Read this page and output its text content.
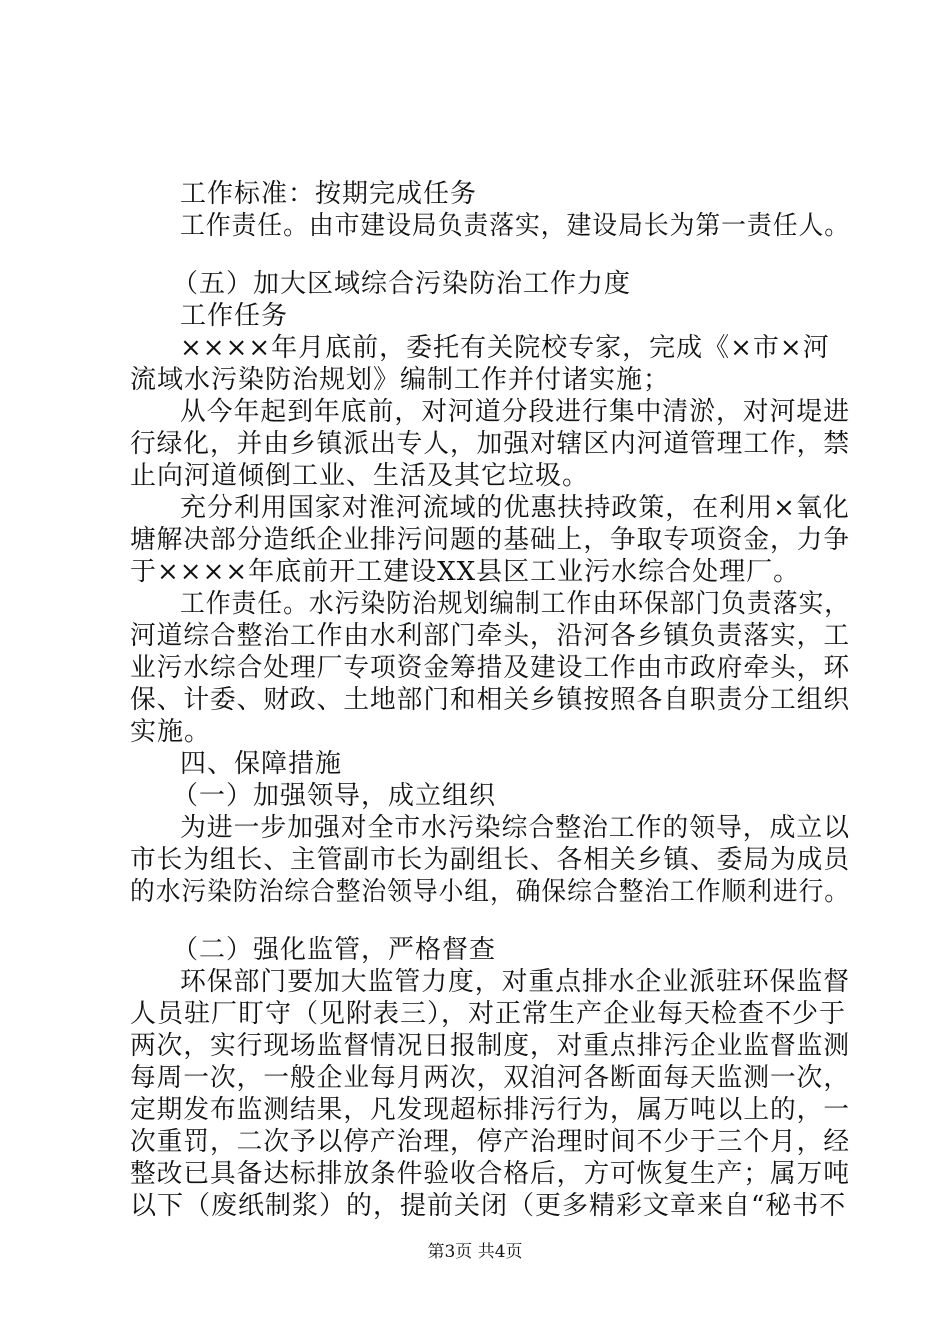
工作标准：按期完成任务
工作责任。由市建设局负责落实，建设局长为第一责任人。
（五）加大区域综合污染防治工作力度
工作任务
××××年月底前，委托有关院校专家，完成《×市×河
流域水污染防治规划》编制工作并付诸实施；
从今年起到年底前，对河道分段进行集中清淤，对河堤进
行绿化，并由乡镇派出专人，加强对辖区内河道管理工作，禁
止向河道倾倒工业、生活及其它垃圾。
充分利用国家对淮河流域的优惠扶持政策，在利用×氧化
塘解决部分造纸企业排污问题的基础上，争取专项资金，力争
于××××年底前开工建设XX县区工业污水综合处理厂。
工作责任。水污染防治规划编制工作由环保部门负责落实，
河道综合整治工作由水利部门牵头，沿河各乡镇负责落实，工
业污水综合处理厂专项资金筹措及建设工作由市政府牵头，环
保、计委、财政、土地部门和相关乡镇按照各自职责分工组织
实施。
四、保障措施
（一）加强领导，成立组织
为进一步加强对全市水污染综合整治工作的领导，成立以
市长为组长、主管副市长为副组长、各相关乡镇、委局为成员
的水污染防治综合整治领导小组，确保综合整治工作顺利进行。
（二）强化监管，严格督查
环保部门要加大监管力度，对重点排水企业派驻环保监督
人员驻厂盯守（见附表三），对正常生产企业每天检查不少于
两次，实行现场监督情况日报制度，对重点排污企业监督监测
每周一次，一般企业每月两次，双洎河各断面每天监测一次，
定期发布监测结果，凡发现超标排污行为，属万吨以上的，一
次重罚，二次予以停产治理，停产治理时间不少于三个月，经
整改已具备达标排放条件验收合格后，方可恢复生产；属万吨
以下（废纸制浆）的，提前关闭（更多精彩文章来自“秘书不
第3页 共4页
